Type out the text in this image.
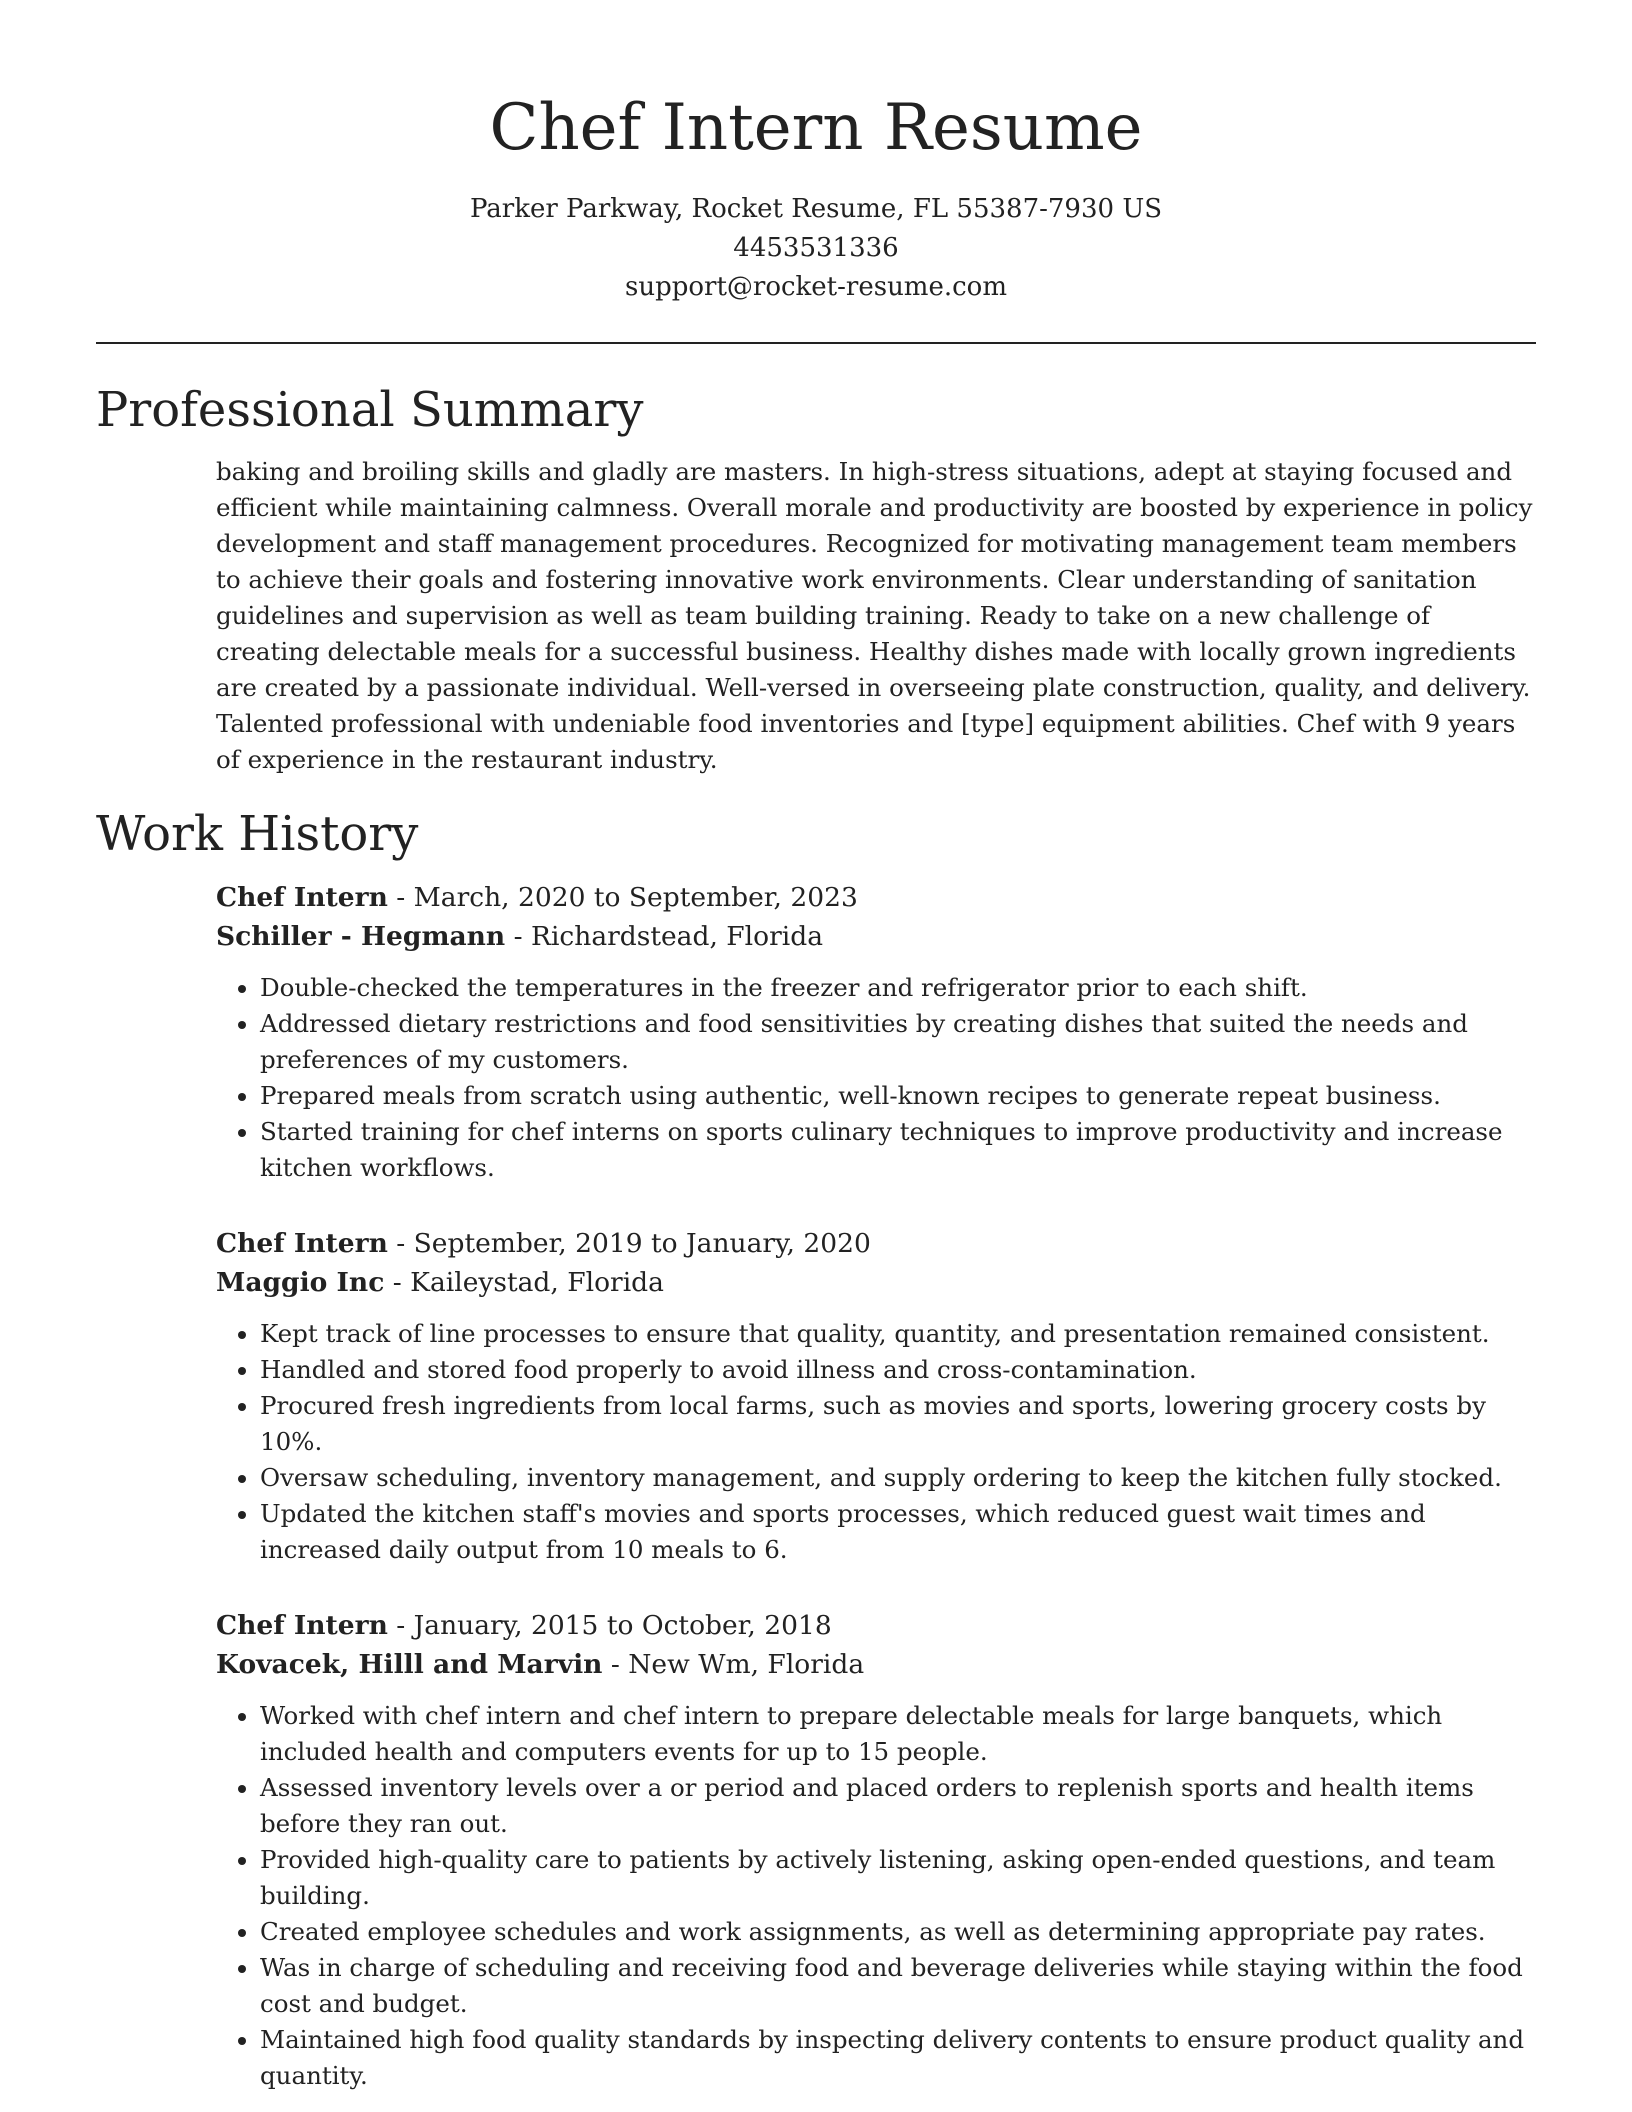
Chef Intern Resume
Parker Parkway, Rocket Resume, FL 55387-7930 US
4453531336
support@rocket-resume.com
Professional Summary
baking and broiling skills and gladly are masters. In high-stress situations, adept at staying focused and efficient while maintaining calmness. Overall morale and productivity are boosted by experience in policy development and staff management procedures. Recognized for motivating management team members to achieve their goals and fostering innovative work environments. Clear understanding of sanitation guidelines and supervision as well as team building training. Ready to take on a new challenge of creating delectable meals for a successful business. Healthy dishes made with locally grown ingredients are created by a passionate individual. Well-versed in overseeing plate construction, quality, and delivery. Talented professional with undeniable food inventories and [type] equipment abilities. Chef with 9 years of experience in the restaurant industry.
Work History
Chef Intern - March, 2020 to September, 2023
Schiller - Hegmann - Richardstead, Florida
• Double-checked the temperatures in the freezer and refrigerator prior to each shift.
• Addressed dietary restrictions and food sensitivities by creating dishes that suited the needs and preferences of my customers.
• Prepared meals from scratch using authentic, well-known recipes to generate repeat business.
• Started training for chef interns on sports culinary techniques to improve productivity and increase kitchen workflows.
Chef Intern - September, 2019 to January, 2020
Maggio Inc - Kaileystad, Florida
• Kept track of line processes to ensure that quality, quantity, and presentation remained consistent.
• Handled and stored food properly to avoid illness and cross-contamination.
• Procured fresh ingredients from local farms, such as movies and sports, lowering grocery costs by 10%.
• Oversaw scheduling, inventory management, and supply ordering to keep the kitchen fully stocked.
• Updated the kitchen staff's movies and sports processes, which reduced guest wait times and increased daily output from 10 meals to 6.
Chef Intern - January, 2015 to October, 2018
Kovacek, Hilll and Marvin - New Wm, Florida
• Worked with chef intern and chef intern to prepare delectable meals for large banquets, which included health and computers events for up to 15 people.
• Assessed inventory levels over a or period and placed orders to replenish sports and health items before they ran out.
• Provided high-quality care to patients by actively listening, asking open-ended questions, and team building.
• Created employee schedules and work assignments, as well as determining appropriate pay rates.
• Was in charge of scheduling and receiving food and beverage deliveries while staying within the food cost and budget.
• Maintained high food quality standards by inspecting delivery contents to ensure product quality and quantity.
